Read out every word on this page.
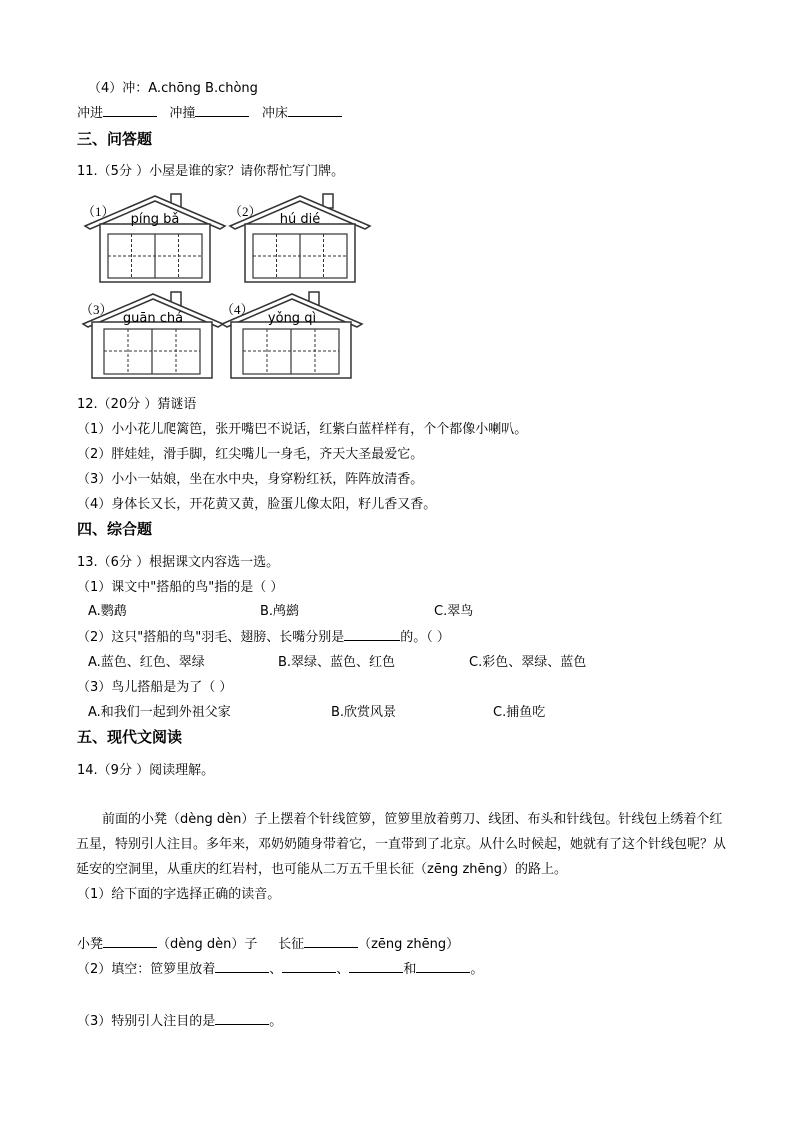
（4）冲：A.chōng B.chòng
冲进	冲撞	冲床
三、问答题
11.（5分 ）小屋是谁的家？请你帮忙写门牌。
（1）
píng bǎ
（2）
hú dié
（3）
guān chá
（4）
yǒng qì
12.（20分 ）猜谜语
（1）小小花儿爬篱笆，张开嘴巴不说话，红紫白蓝样样有，个个都像小喇叭。
（2）胖娃娃，滑手脚，红尖嘴儿一身毛，齐天大圣最爱它。
（3）小小一姑娘，坐在水中央，身穿粉红袄，阵阵放清香。
（4）身体长又长，开花黄又黄，脸蛋儿像太阳，籽儿香又香。
四、综合题
13.（6分 ）根据课文内容选一选。
（1）课文中"搭船的鸟"指的是（ ）
A.鹦鹉	B.鸬鹚	C.翠鸟
（2）这只"搭船的鸟"羽毛、翅膀、长嘴分别是	的。（ ）
A.蓝色、红色、翠绿	B.翠绿、蓝色、红色	C.彩色、翠绿、蓝色
（3）鸟儿搭船是为了（ ）
A.和我们一起到外祖父家	B.欣赏风景	C.捕鱼吃
五、现代文阅读
14.（9分 ）阅读理解。
前面的小凳（dèng dèn）子上摆着个针线笸箩，笸箩里放着剪刀、线团、布头和针线包。针线包上绣着个红五星，特别引人注目。多年来，邓奶奶随身带着它，一直带到了北京。从什么时候起，她就有了这个针线包呢？从延安的空洞里，从重庆的红岩村，也可能从二万五千里长征（zēng zhēng）的路上。
（1）给下面的字选择正确的读音。
小凳	（dèng dèn）子 长征	（zēng zhēng）
（2）填空：笸箩里放着	、	、	和	。
（3）特别引人注目的是	。
